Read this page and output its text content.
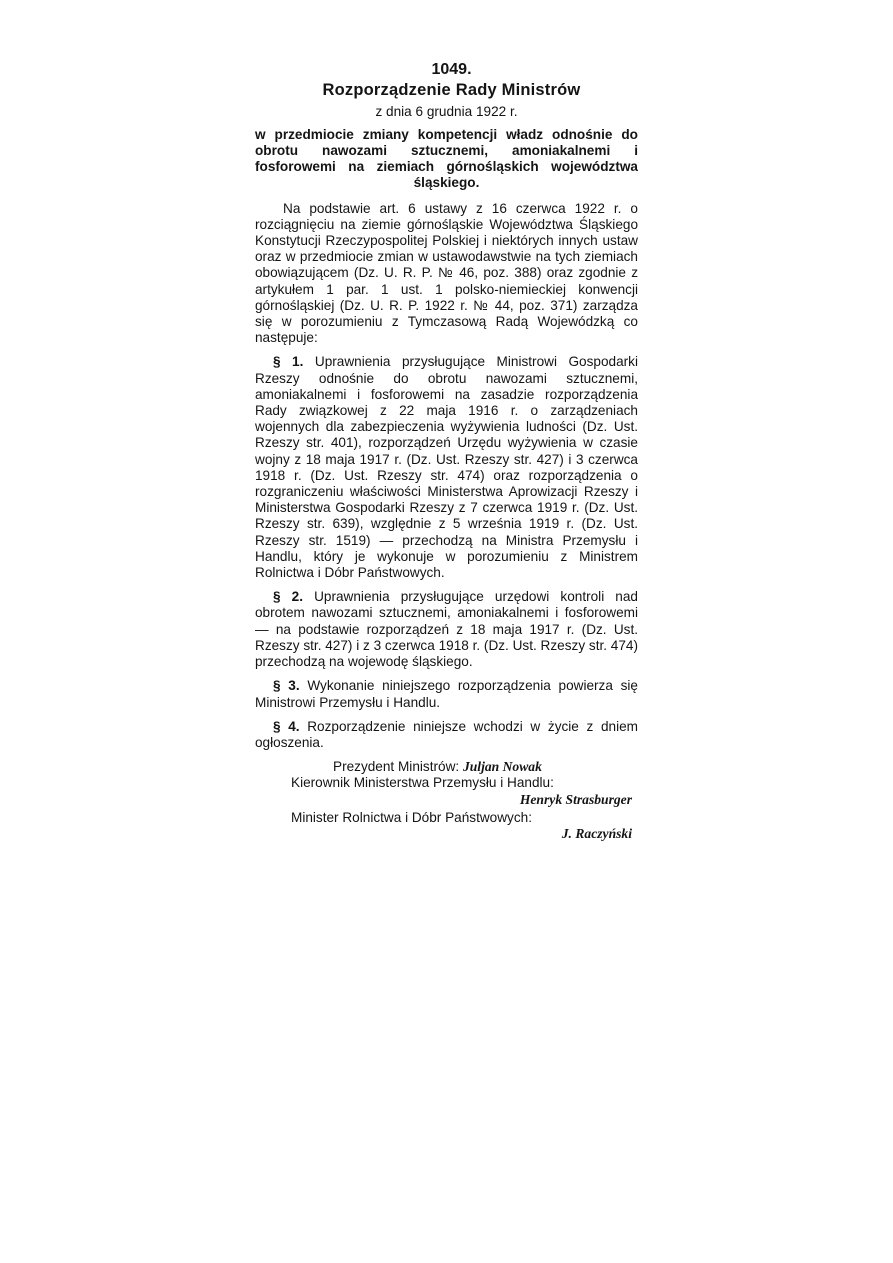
1049.
Rozporządzenie Rady Ministrów
z dnia 6 grudnia 1922 r.
w przedmiocie zmiany kompetencji władz odnośnie do obrotu nawozami sztucznemi, amoniakalnemi i fosforowemi na ziemiach górnośląskich województwa śląskiego.

Na podstawie art. 6 ustawy z 16 czerwca 1922 r. o rozciągnięciu na ziemie górnośląskie Województwa Śląskiego Konstytucji Rzeczypospolitej Polskiej i niektórych innych ustaw oraz w przedmiocie zmian w ustawodawstwie na tych ziemiach obowiązującem (Dz. U. R. P. № 46, poz. 388) oraz zgodnie z artykułem 1 par. 1 ust. 1 polsko-niemieckiej konwencji górnośląskiej (Dz. U. R. P. 1922 r. № 44, poz. 371) zarządza się w porozumieniu z Tymczasową Radą Wojewódzką co następuje:

§ 1. Uprawnienia przysługujące Ministrowi Gospodarki Rzeszy odnośnie do obrotu nawozami sztucznemi, amoniakalnemi i fosforowemi na zasadzie rozporządzenia Rady związkowej z 22 maja 1916 r. o zarządzeniach wojennych dla zabezpieczenia wyżywienia ludności (Dz. Ust. Rzeszy str. 401), rozporządzeń Urzędu wyżywienia w czasie wojny z 18 maja 1917 r. (Dz. Ust. Rzeszy str. 427) i 3 czerwca 1918 r. (Dz. Ust. Rzeszy str. 474) oraz rozporządzenia o rozgraniczeniu właściwości Ministerstwa Aprowizacji Rzeszy i Ministerstwa Gospodarki Rzeszy z 7 czerwca 1919 r. (Dz. Ust. Rzeszy str. 639), względnie z 5 września 1919 r. (Dz. Ust. Rzeszy str. 1519) — przechodzą na Ministra Przemysłu i Handlu, który je wykonuje w porozumieniu z Ministrem Rolnictwa i Dóbr Państwowych.

§ 2. Uprawnienia przysługujące urzędowi kontroli nad obrotem nawozami sztucznemi, amoniakalnemi i fosforowemi — na podstawie rozporządzeń z 18 maja 1917 r. (Dz. Ust. Rzeszy str. 427) i z 3 czerwca 1918 r. (Dz. Ust. Rzeszy str. 474) przechodzą na wojewodę śląskiego.

§ 3. Wykonanie niniejszego rozporządzenia powierza się Ministrowi Przemysłu i Handlu.

§ 4. Rozporządzenie niniejsze wchodzi w życie z dniem ogłoszenia.

Prezydent Ministrów: Juljan Nowak
Kierownik Ministerstwa Przemysłu i Handlu:
Henryk Strasburger
Minister Rolnictwa i Dóbr Państwowych:
J. Raczyński
